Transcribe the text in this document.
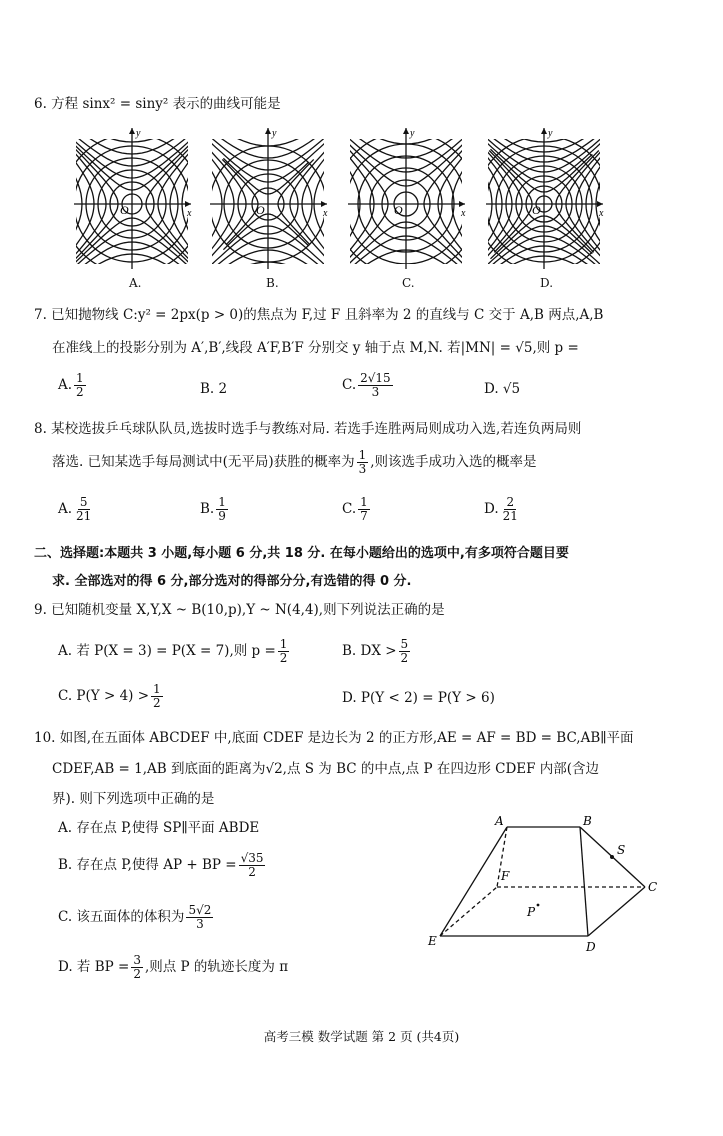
6. 方程 sinx² = siny² 表示的曲线可能是
x
y
O	x
y
O	x
y
O	x
y
O
A.	B.	C.	D.
7. 已知抛物线 C:y² = 2px(p > 0)的焦点为 F,过 F 且斜率为 2 的直线与 C 交于 A,B 两点,A,B
在准线上的投影分别为 A′,B′,线段 A′F,B′F 分别交 y 轴于点 M,N. 若|MN| = √5,则 p =
A. $\frac{1}{2}$	B. 2	C. $\frac{2√15}{3}$	D. √5
8. 某校选拔乒乓球队队员,选拔时选手与教练对局. 若选手连胜两局则成功入选,若连负两局则
落选. 已知某选手每局测试中(无平局)获胜的概率为 $\frac{1}{3}$ ,则该选手成功入选的概率是
A. $\frac{5}{21}$	B. $\frac{1}{9}$	C. $\frac{1}{7}$	D. $\frac{2}{21}$
二、选择题:本题共 3 小题,每小题 6 分,共 18 分. 在每小题给出的选项中,有多项符合题目要
求. 全部选对的得 6 分,部分选对的得部分分,有选错的得 0 分.
9. 已知随机变量 X,Y,X ~ B(10,p),Y ~ N(4,4),则下列说法正确的是
A. 若 P(X = 3) = P(X = 7),则 $p = \frac{1}{2}$	B. DX > $\frac{5}{2}$
C. $P(Y > 4) > \frac{1}{2}$	D. P(Y < 2) = P(Y > 6)
10. 如图,在五面体 ABCDEF 中,底面 CDEF 是边长为 2 的正方形,AE = AF = BD = BC,AB∥平面
CDEF,AB = 1,AB 到底面的距离为√2,点 S 为 BC 的中点,点 P 在四边形 CDEF 内部(含边
界). 则下列选项中正确的是
A. 存在点 P,使得 SP∥平面 ABDE
B. 存在点 P,使得 AP + BP = $\frac{√35}{2}$
C. 该五面体的体积为 $\frac{5√2}{3}$
D. 若 BP = $\frac{3}{2}$ ,则点 P 的轨迹长度为 π
A	B
S
F
C
P
E	D
高考三模 数学试题 第 2 页 (共4页)
